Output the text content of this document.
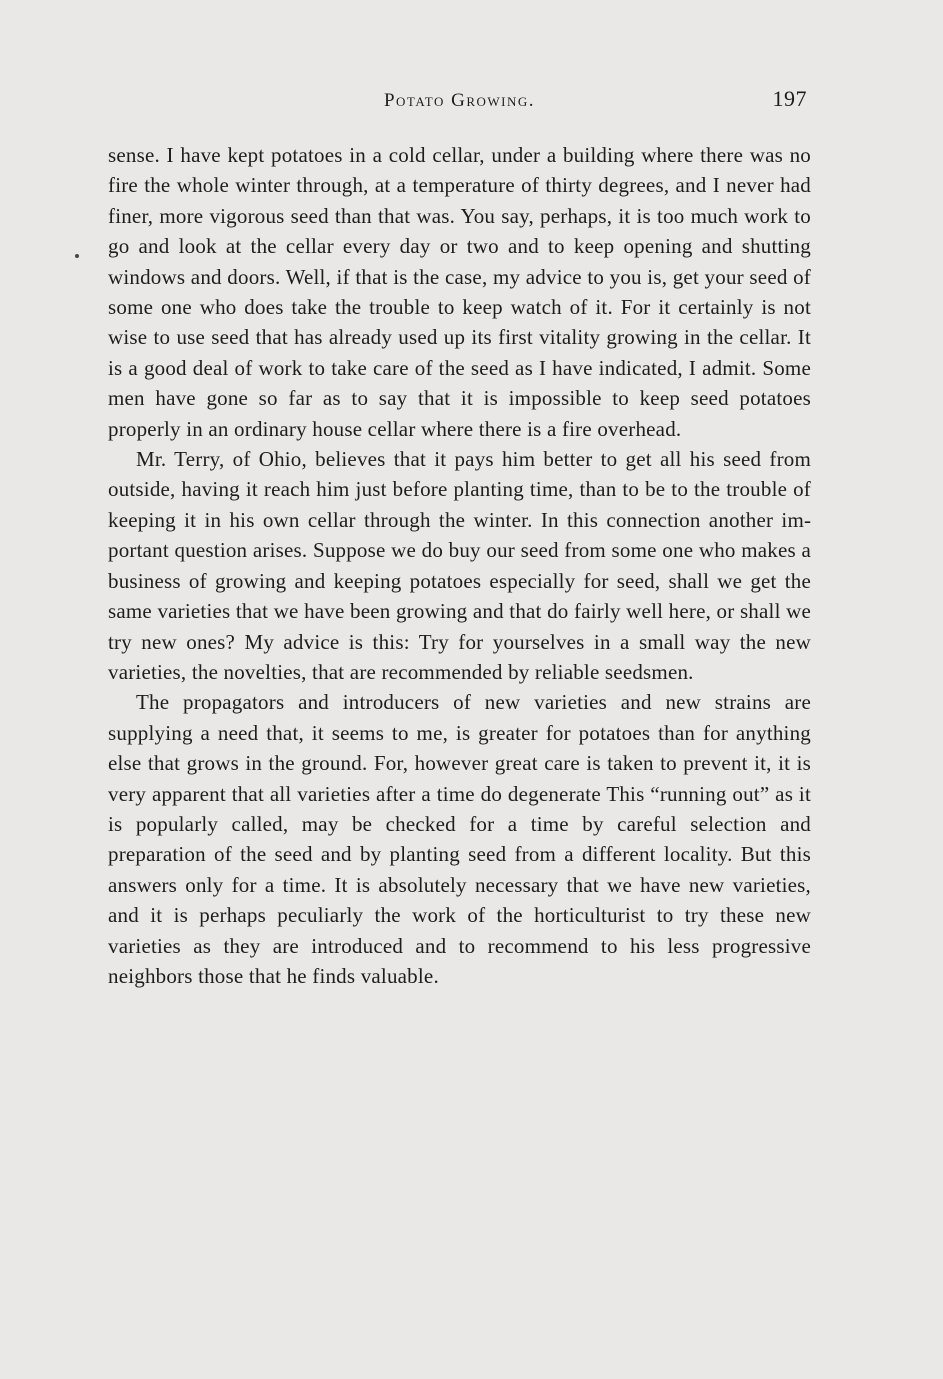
Potato Growing.	197

sense. I have kept potatoes in a cold cellar, under a building where there was no fire the whole winter through, at a temperature of thirty degrees, and I never had finer, more vigorous seed than that was. You say, perhaps, it is too much work to go and look at the cellar every day or two and to keep opening and shutting windows and doors. Well, if that is the case, my advice to you is, get your seed of some one who does take the trouble to keep watch of it. For it certainly is not wise to use seed that has already used up its first vitality growing in the cellar. It is a good deal of work to take care of the seed as I have indicated, I admit. Some men have gone so far as to say that it is impossible to keep seed potatoes properly in an ordinary house cellar where there is a fire overhead.

Mr. Terry, of Ohio, believes that it pays him better to get all his seed from outside, having it reach him just before planting time, than to be to the trouble of keeping it in his own cellar through the winter. In this connection another important question arises. Suppose we do buy our seed from some one who makes a business of growing and keeping potatoes especially for seed, shall we get the same varieties that we have been growing and that do fairly well here, or shall we try new ones? My advice is this: Try for yourselves in a small way the new varieties, the novelties, that are recommended by reliable seedsmen.

The propagators and introducers of new varieties and new strains are supplying a need that, it seems to me, is greater for potatoes than for anything else that grows in the ground. For, however great care is taken to prevent it, it is very apparent that all varieties after a time do degenerate This “running out” as it is popularly called, may be checked for a time by careful selection and preparation of the seed and by planting seed from a different locality. But this answers only for a time. It is absolutely necessary that we have new varieties, and it is perhaps peculiarly the work of the horticulturist to try these new varieties as they are introduced and to recommend to his less progressive neighbors those that he finds valuable.
